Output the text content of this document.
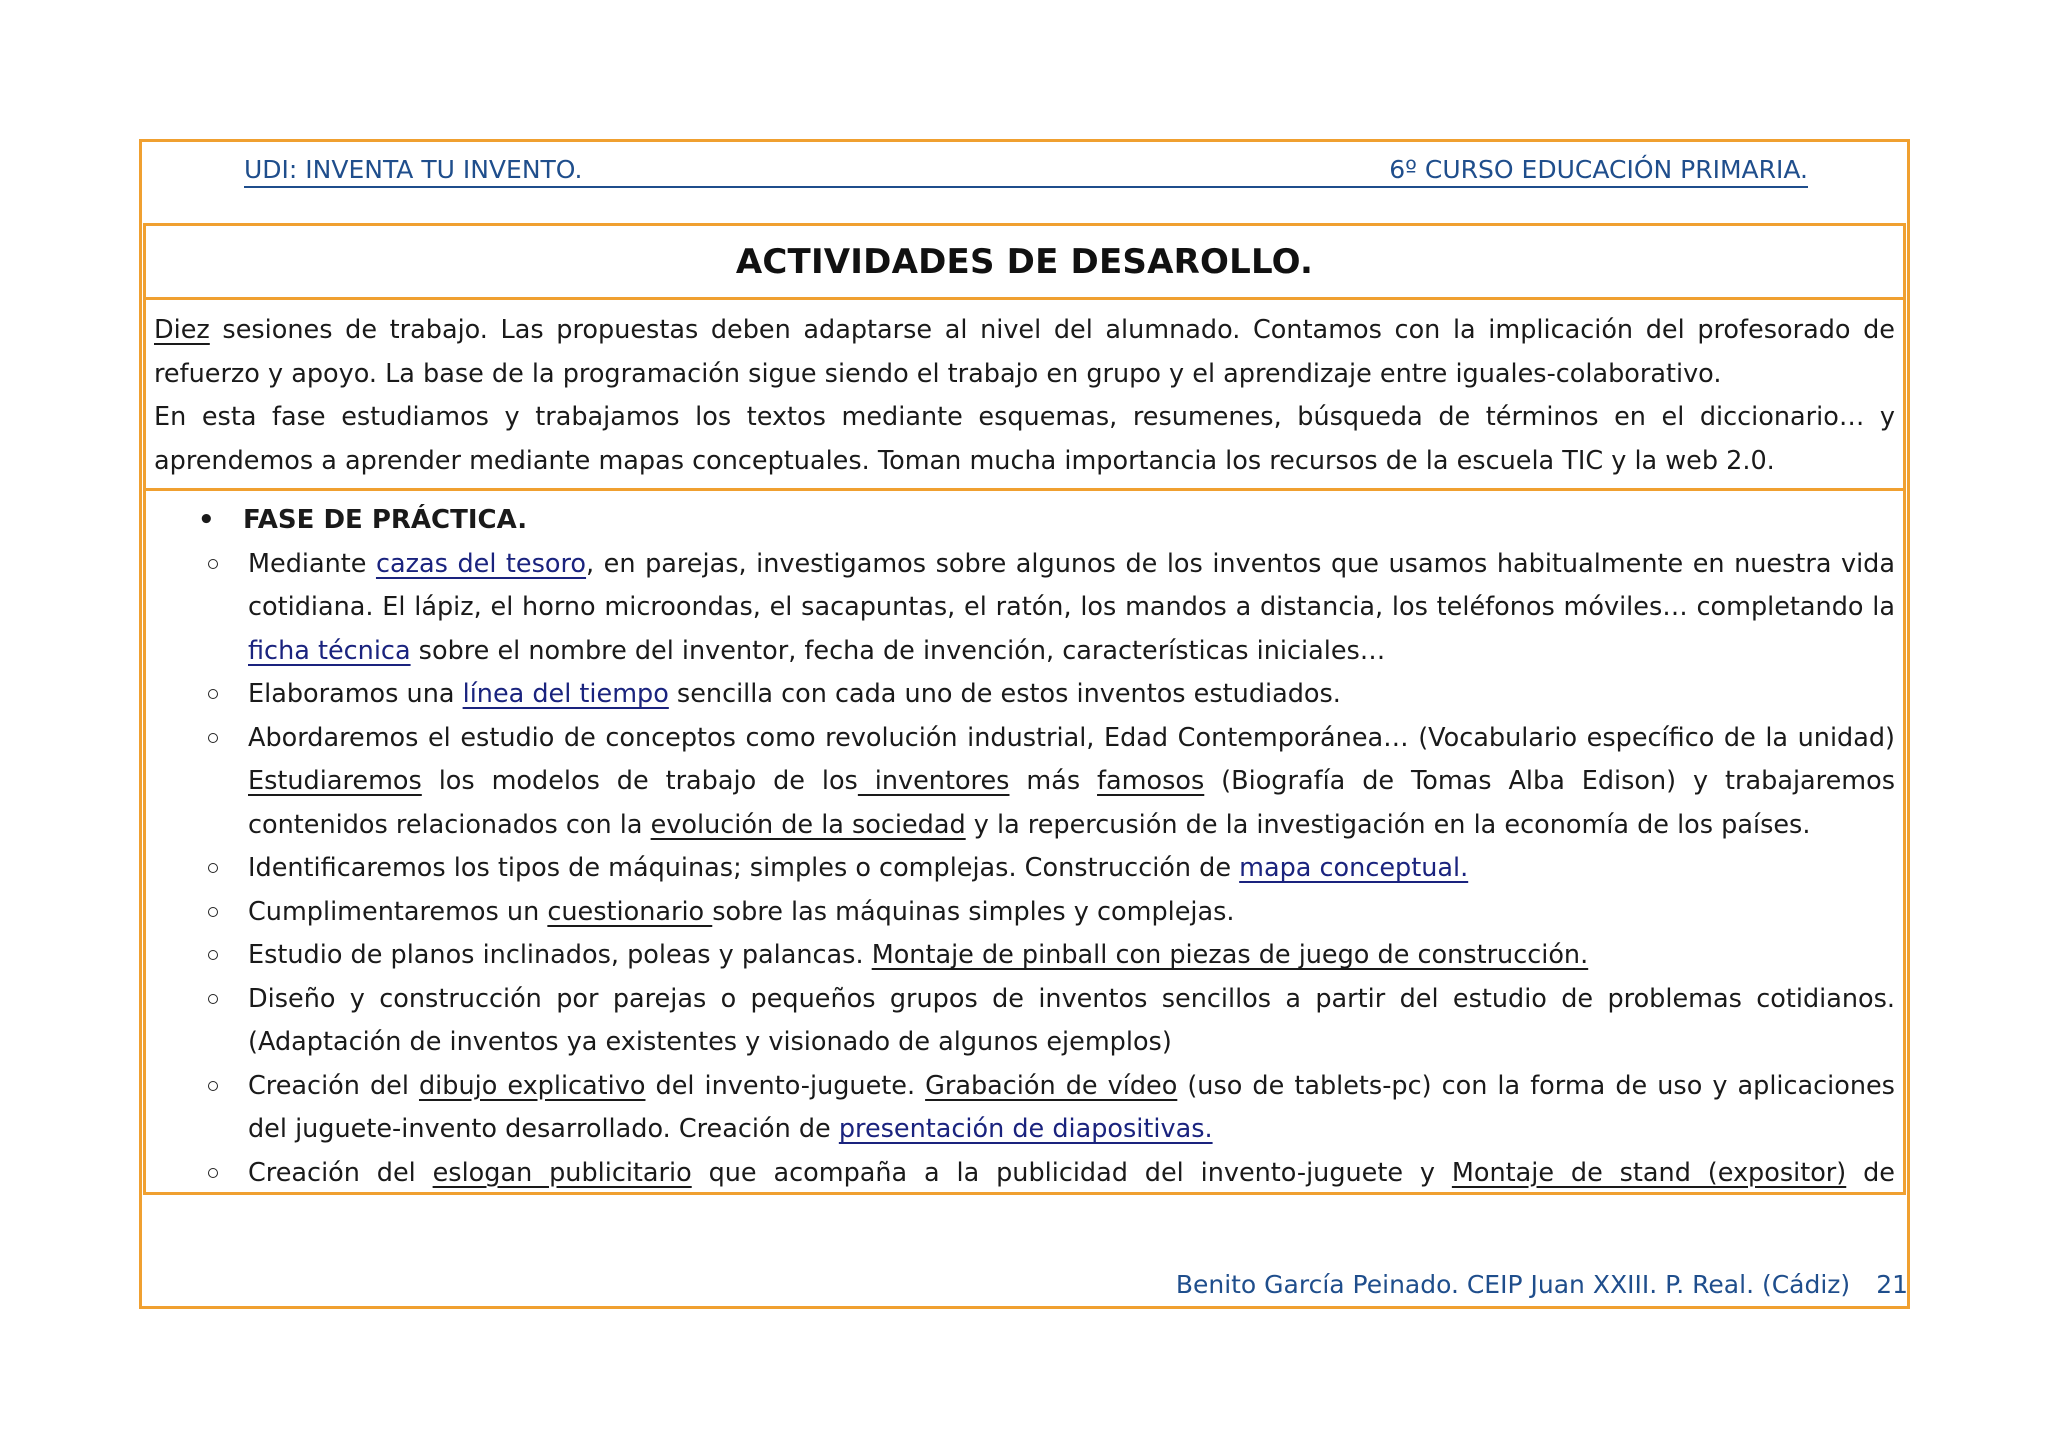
UDI: INVENTA TU INVENTO.	6º CURSO EDUCACIÓN PRIMARIA.
ACTIVIDADES DE DESAROLLO.

Diez sesiones de trabajo. Las propuestas deben adaptarse al nivel del alumnado. Contamos con la implicación del profesorado de refuerzo y apoyo. La base de la programación sigue siendo el trabajo en grupo y el aprendizaje entre iguales-colaborativo.

En esta fase estudiamos y trabajamos los textos mediante esquemas, resumenes, búsqueda de términos en el diccionario… y aprendemos a aprender mediante mapas conceptuales. Toman mucha importancia los recursos de la escuela TIC y la web 2.0.

•	FASE DE PRÁCTICA.
Mediante cazas del tesoro, en parejas, investigamos sobre algunos de los inventos que usamos habitualmente en nuestra vida cotidiana. El lápiz, el horno microondas, el sacapuntas, el ratón, los mandos a distancia, los teléfonos móviles… completando la ficha técnica sobre el nombre del inventor, fecha de invención, características iniciales…
Elaboramos una línea del tiempo sencilla con cada uno de estos inventos estudiados.
Abordaremos el estudio de conceptos como revolución industrial, Edad Contemporánea… (Vocabulario específico de la unidad) Estudiaremos los modelos de trabajo de los inventores más famosos (Biografía de Tomas Alba Edison) y trabajaremos contenidos relacionados con la evolución de la sociedad y la repercusión de la investigación en la economía de los países.
Identificaremos los tipos de máquinas; simples o complejas. Construcción de mapa conceptual.
Cumplimentaremos un cuestionario sobre las máquinas simples y complejas.
Estudio de planos inclinados, poleas y palancas. Montaje de pinball con piezas de juego de construcción.
Diseño y construcción por parejas o pequeños grupos de inventos sencillos a partir del estudio de problemas cotidianos. (Adaptación de inventos ya existentes y visionado de algunos ejemplos)
Creación del dibujo explicativo del invento-juguete. Grabación de vídeo (uso de tablets-pc) con la forma de uso y aplicaciones del juguete-invento desarrollado. Creación de presentación de diapositivas.
Creación del eslogan publicitario que acompaña a la publicidad del invento-juguete y Montaje de stand (expositor) de
Benito García Peinado. CEIP Juan XXIII. P. Real. (Cádiz) 21
